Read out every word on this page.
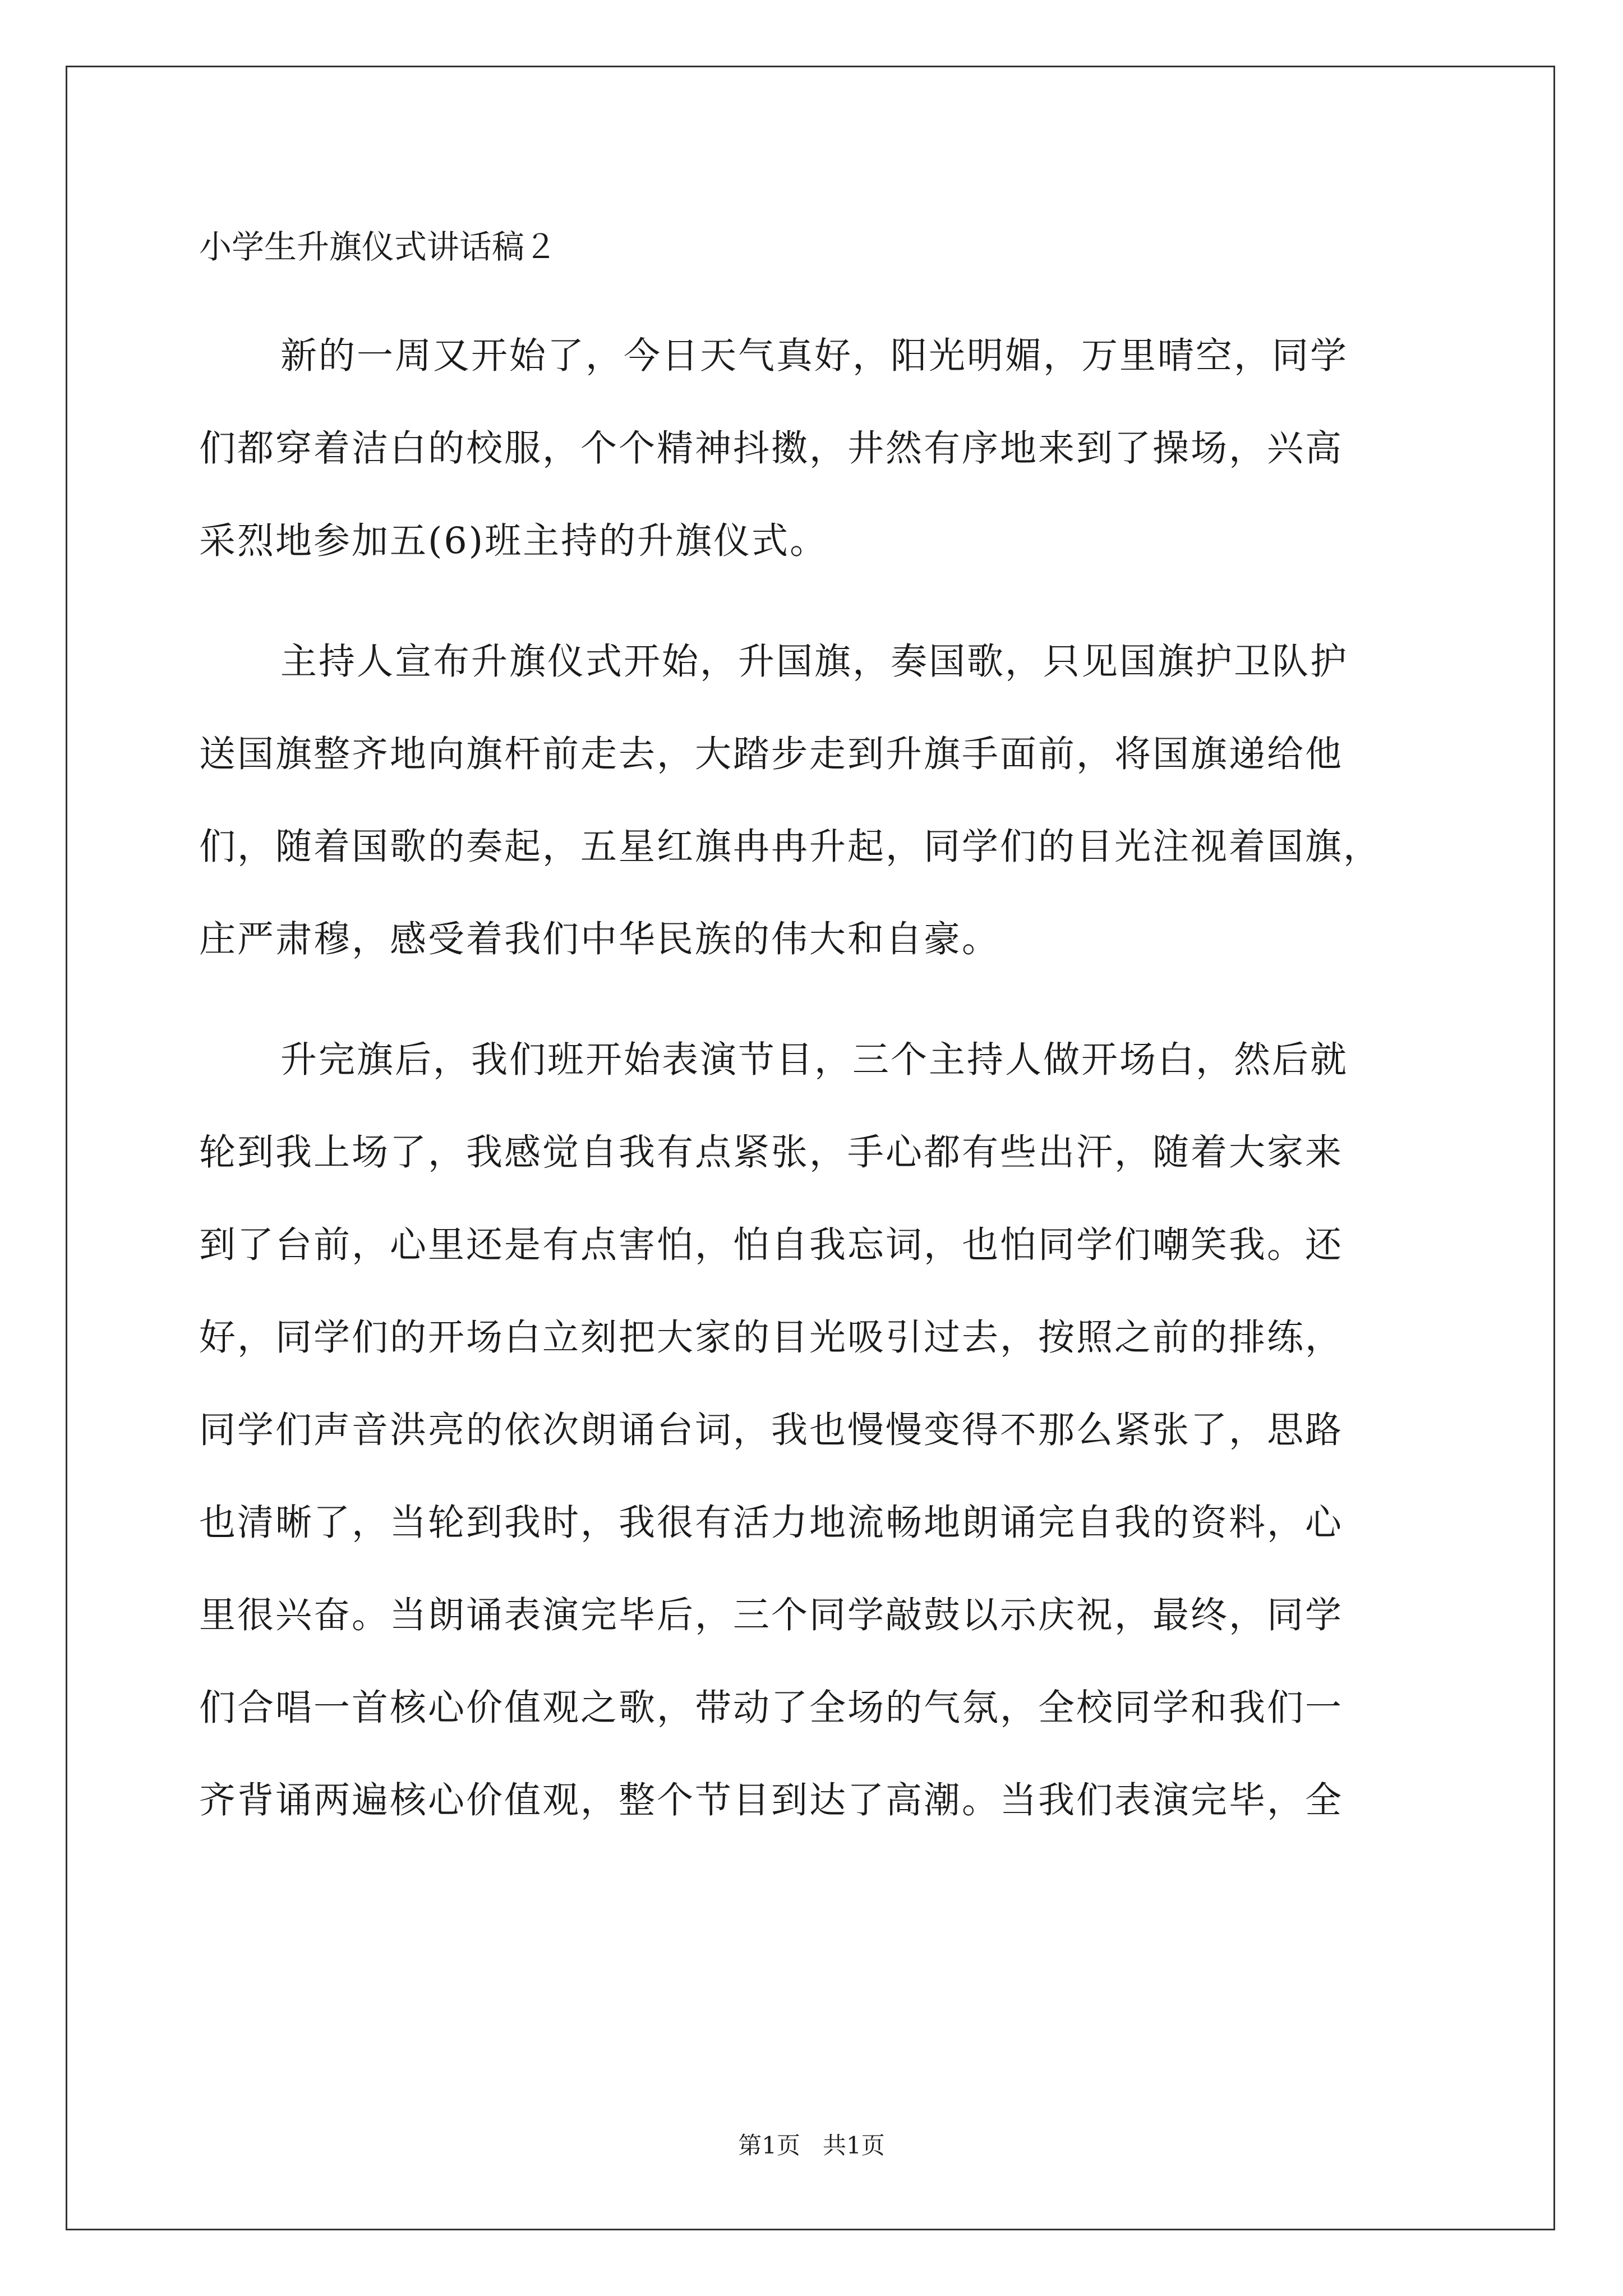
小学生升旗仪式讲话稿２
新的一周又开始了，今日天气真好，阳光明媚，万里晴空，同学
们都穿着洁白的校服，个个精神抖擞，井然有序地来到了操场，兴高
采烈地参加五(6)班主持的升旗仪式。
主持人宣布升旗仪式开始，升国旗，奏国歌，只见国旗护卫队护
送国旗整齐地向旗杆前走去，大踏步走到升旗手面前，将国旗递给他
们，随着国歌的奏起，五星红旗冉冉升起，同学们的目光注视着国旗，
庄严肃穆，感受着我们中华民族的伟大和自豪。
升完旗后，我们班开始表演节目，三个主持人做开场白，然后就
轮到我上场了，我感觉自我有点紧张，手心都有些出汗，随着大家来
到了台前，心里还是有点害怕，怕自我忘词，也怕同学们嘲笑我。还
好，同学们的开场白立刻把大家的目光吸引过去，按照之前的排练，
同学们声音洪亮的依次朗诵台词，我也慢慢变得不那么紧张了，思路
也清晰了，当轮到我时，我很有活力地流畅地朗诵完自我的资料，心
里很兴奋。当朗诵表演完毕后，三个同学敲鼓以示庆祝，最终，同学
们合唱一首核心价值观之歌，带动了全场的气氛，全校同学和我们一
齐背诵两遍核心价值观，整个节目到达了高潮。当我们表演完毕，全
第1页   共1页
